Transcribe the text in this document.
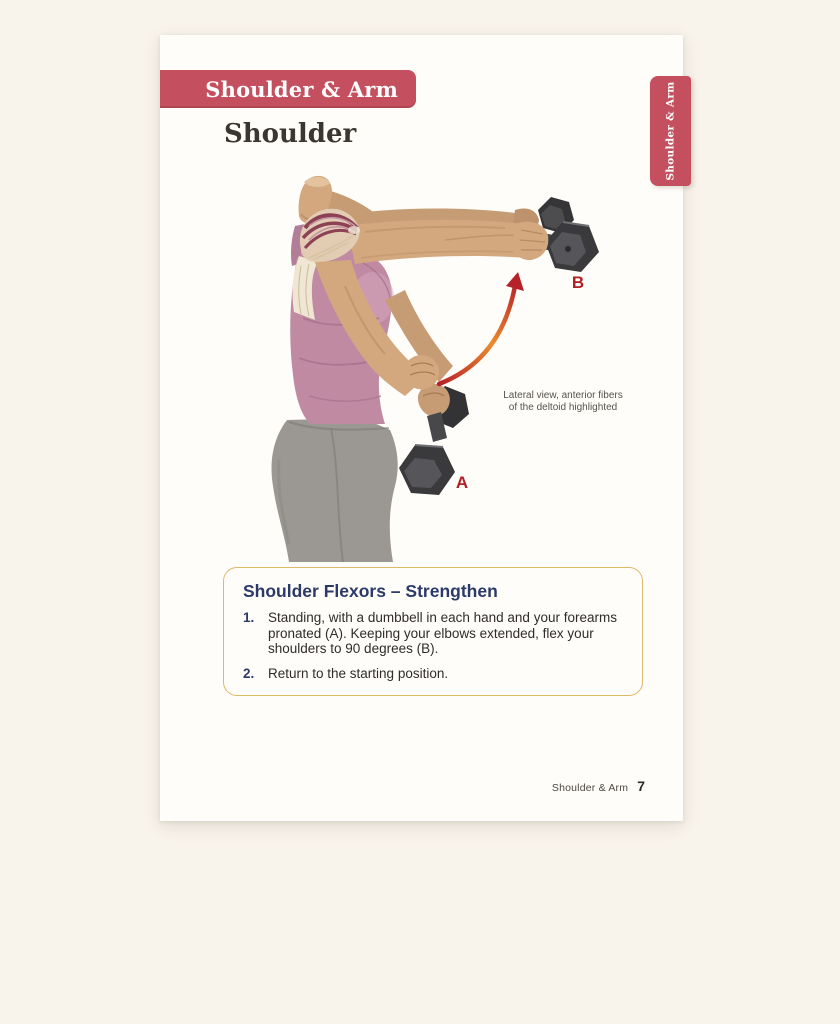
Shoulder & Arm	Shoulder & Arm
Shoulder
A
B
Lateral view, anterior fibers
of the deltoid highlighted
Shoulder Flexors – Strengthen
1.	Standing, with a dumbbell in each hand and your forearms pronated (A). Keeping your elbows extended, flex your shoulders to 90 degrees (B).
2.	Return to the starting position.
Shoulder & Arm 7
